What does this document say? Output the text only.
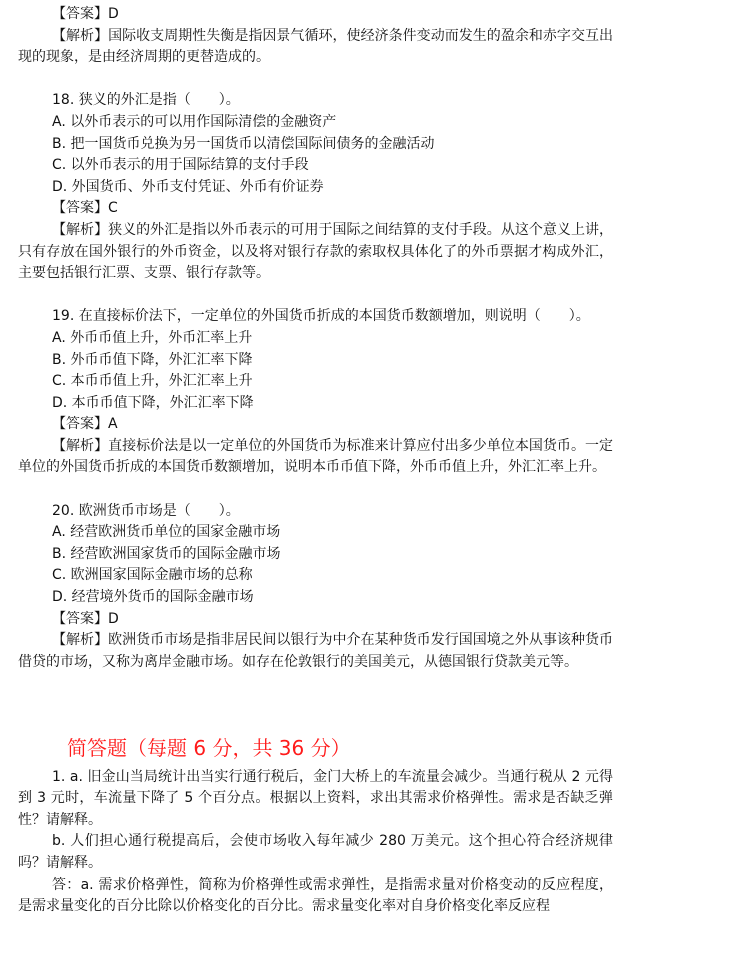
【答案】D
【解析】国际收支周期性失衡是指因景气循环，使经济条件变动而发生的盈余和赤字交互出现的现象，是由经济周期的更替造成的。
18. 狭义的外汇是指（　　）。
A. 以外币表示的可以用作国际清偿的金融资产
B. 把一国货币兑换为另一国货币以清偿国际间债务的金融活动
C. 以外币表示的用于国际结算的支付手段
D. 外国货币、外币支付凭证、外币有价证券
【答案】C
【解析】狭义的外汇是指以外币表示的可用于国际之间结算的支付手段。从这个意义上讲，只有存放在国外银行的外币资金，以及将对银行存款的索取权具体化了的外币票据才构成外汇，主要包括银行汇票、支票、银行存款等。
19. 在直接标价法下，一定单位的外国货币折成的本国货币数额增加，则说明（　　）。
A. 外币币值上升，外币汇率上升
B. 外币币值下降，外汇汇率下降
C. 本币币值上升，外汇汇率上升
D. 本币币值下降，外汇汇率下降
【答案】A
【解析】直接标价法是以一定单位的外国货币为标准来计算应付出多少单位本国货币。一定单位的外国货币折成的本国货币数额增加，说明本币币值下降，外币币值上升，外汇汇率上升。
20. 欧洲货币市场是（　　）。
A. 经营欧洲货币单位的国家金融市场
B. 经营欧洲国家货币的国际金融市场
C. 欧洲国家国际金融市场的总称
D. 经营境外货币的国际金融市场
【答案】D
【解析】欧洲货币市场是指非居民间以银行为中介在某种货币发行国国境之外从事该种货币借贷的市场，又称为离岸金融市场。如存在伦敦银行的美国美元，从德国银行贷款美元等。
简答题（每题 6 分，共 36 分）
1. a. 旧金山当局统计出当实行通行税后，金门大桥上的车流量会减少。当通行税从 2 元得到 3 元时，车流量下降了 5 个百分点。根据以上资料，求出其需求价格弹性。需求是否缺乏弹性？请解释。
b. 人们担心通行税提高后，会使市场收入每年减少 280 万美元。这个担心符合经济规律吗？请解释。
答：a. 需求价格弹性，简称为价格弹性或需求弹性，是指需求量对价格变动的反应程度，是需求量变化的百分比除以价格变化的百分比。需求量变化率对自身价格变化率反应程
